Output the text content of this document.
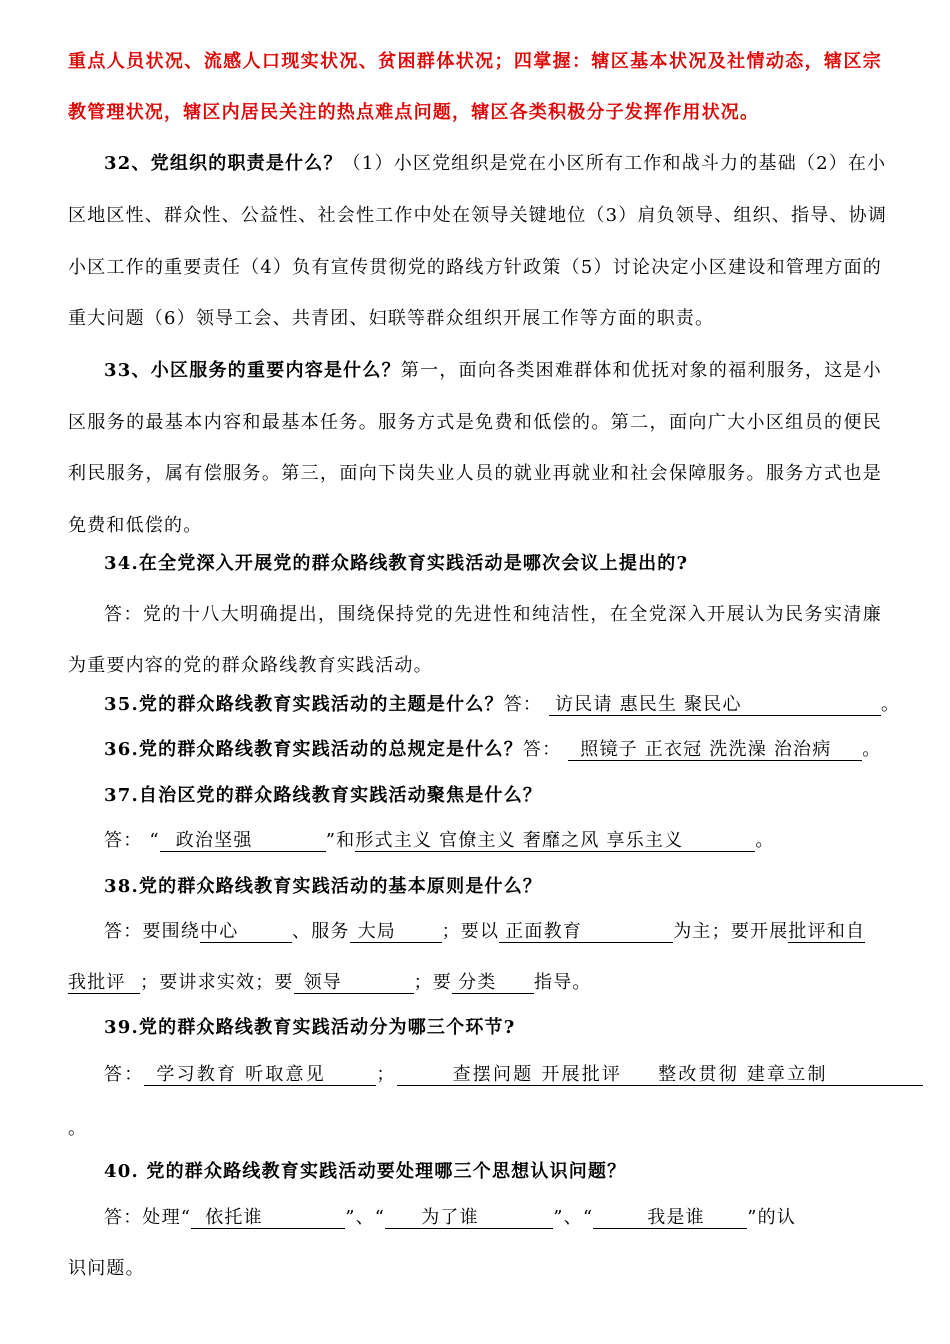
重点人员状况、流感人口现实状况、贫困群体状况；四掌握：辖区基本状况及社情动态，辖区宗
教管理状况，辖区内居民关注的热点难点问题，辖区各类积极分子发挥作用状况。
32、党组织的职责是什么？（1）小区党组织是党在小区所有工作和战斗力的基础（2）在小
区地区性、群众性、公益性、社会性工作中处在领导关键地位（3）肩负领导、组织、指导、协调
小区工作的重要责任（4）负有宣传贯彻党的路线方针政策（5）讨论决定小区建设和管理方面的
重大问题（6）领导工会、共青团、妇联等群众组织开展工作等方面的职责。
33、小区服务的重要内容是什么？第一，面向各类困难群体和优抚对象的福利服务，这是小
区服务的最基本内容和最基本任务。服务方式是免费和低偿的。第二，面向广大小区组员的便民
利民服务，属有偿服务。第三，面向下岗失业人员的就业再就业和社会保障服务。服务方式也是
免费和低偿的。
34.在全党深入开展党的群众路线教育实践活动是哪次会议上提出的?
答：党的十八大明确提出，围绕保持党的先进性和纯洁性，在全党深入开展认为民务实清廉
为重要内容的党的群众路线教育实践活动。
35.党的群众路线教育实践活动的主题是什么？答： 访民请 惠民生 聚民心	。
36.党的群众路线教育实践活动的总规定是什么？答： 照镜子 正衣冠 洗洗澡 治治病 。
37.自治区党的群众路线教育实践活动聚焦是什么？
答： “ 政治坚强	”和形式主义 官僚主义 奢靡之风 享乐主义	。
38.党的群众路线教育实践活动的基本原则是什么？
答：要围绕中心	、服务 大局	；要以 正面教育	为主；要开展批评和自
我批评 ；要讲求实效；要 领导	；要 分类 指导。
39.党的群众路线教育实践活动分为哪三个环节?
答： 学习教育 听取意见	；	查摆问题 开展批评 整改贯彻 建章立制
。
40. 党的群众路线教育实践活动要处理哪三个思想认识问题？
答：处理“ 依托谁	”、“ 为了谁	”、“	我是谁 ”的认
识问题。
